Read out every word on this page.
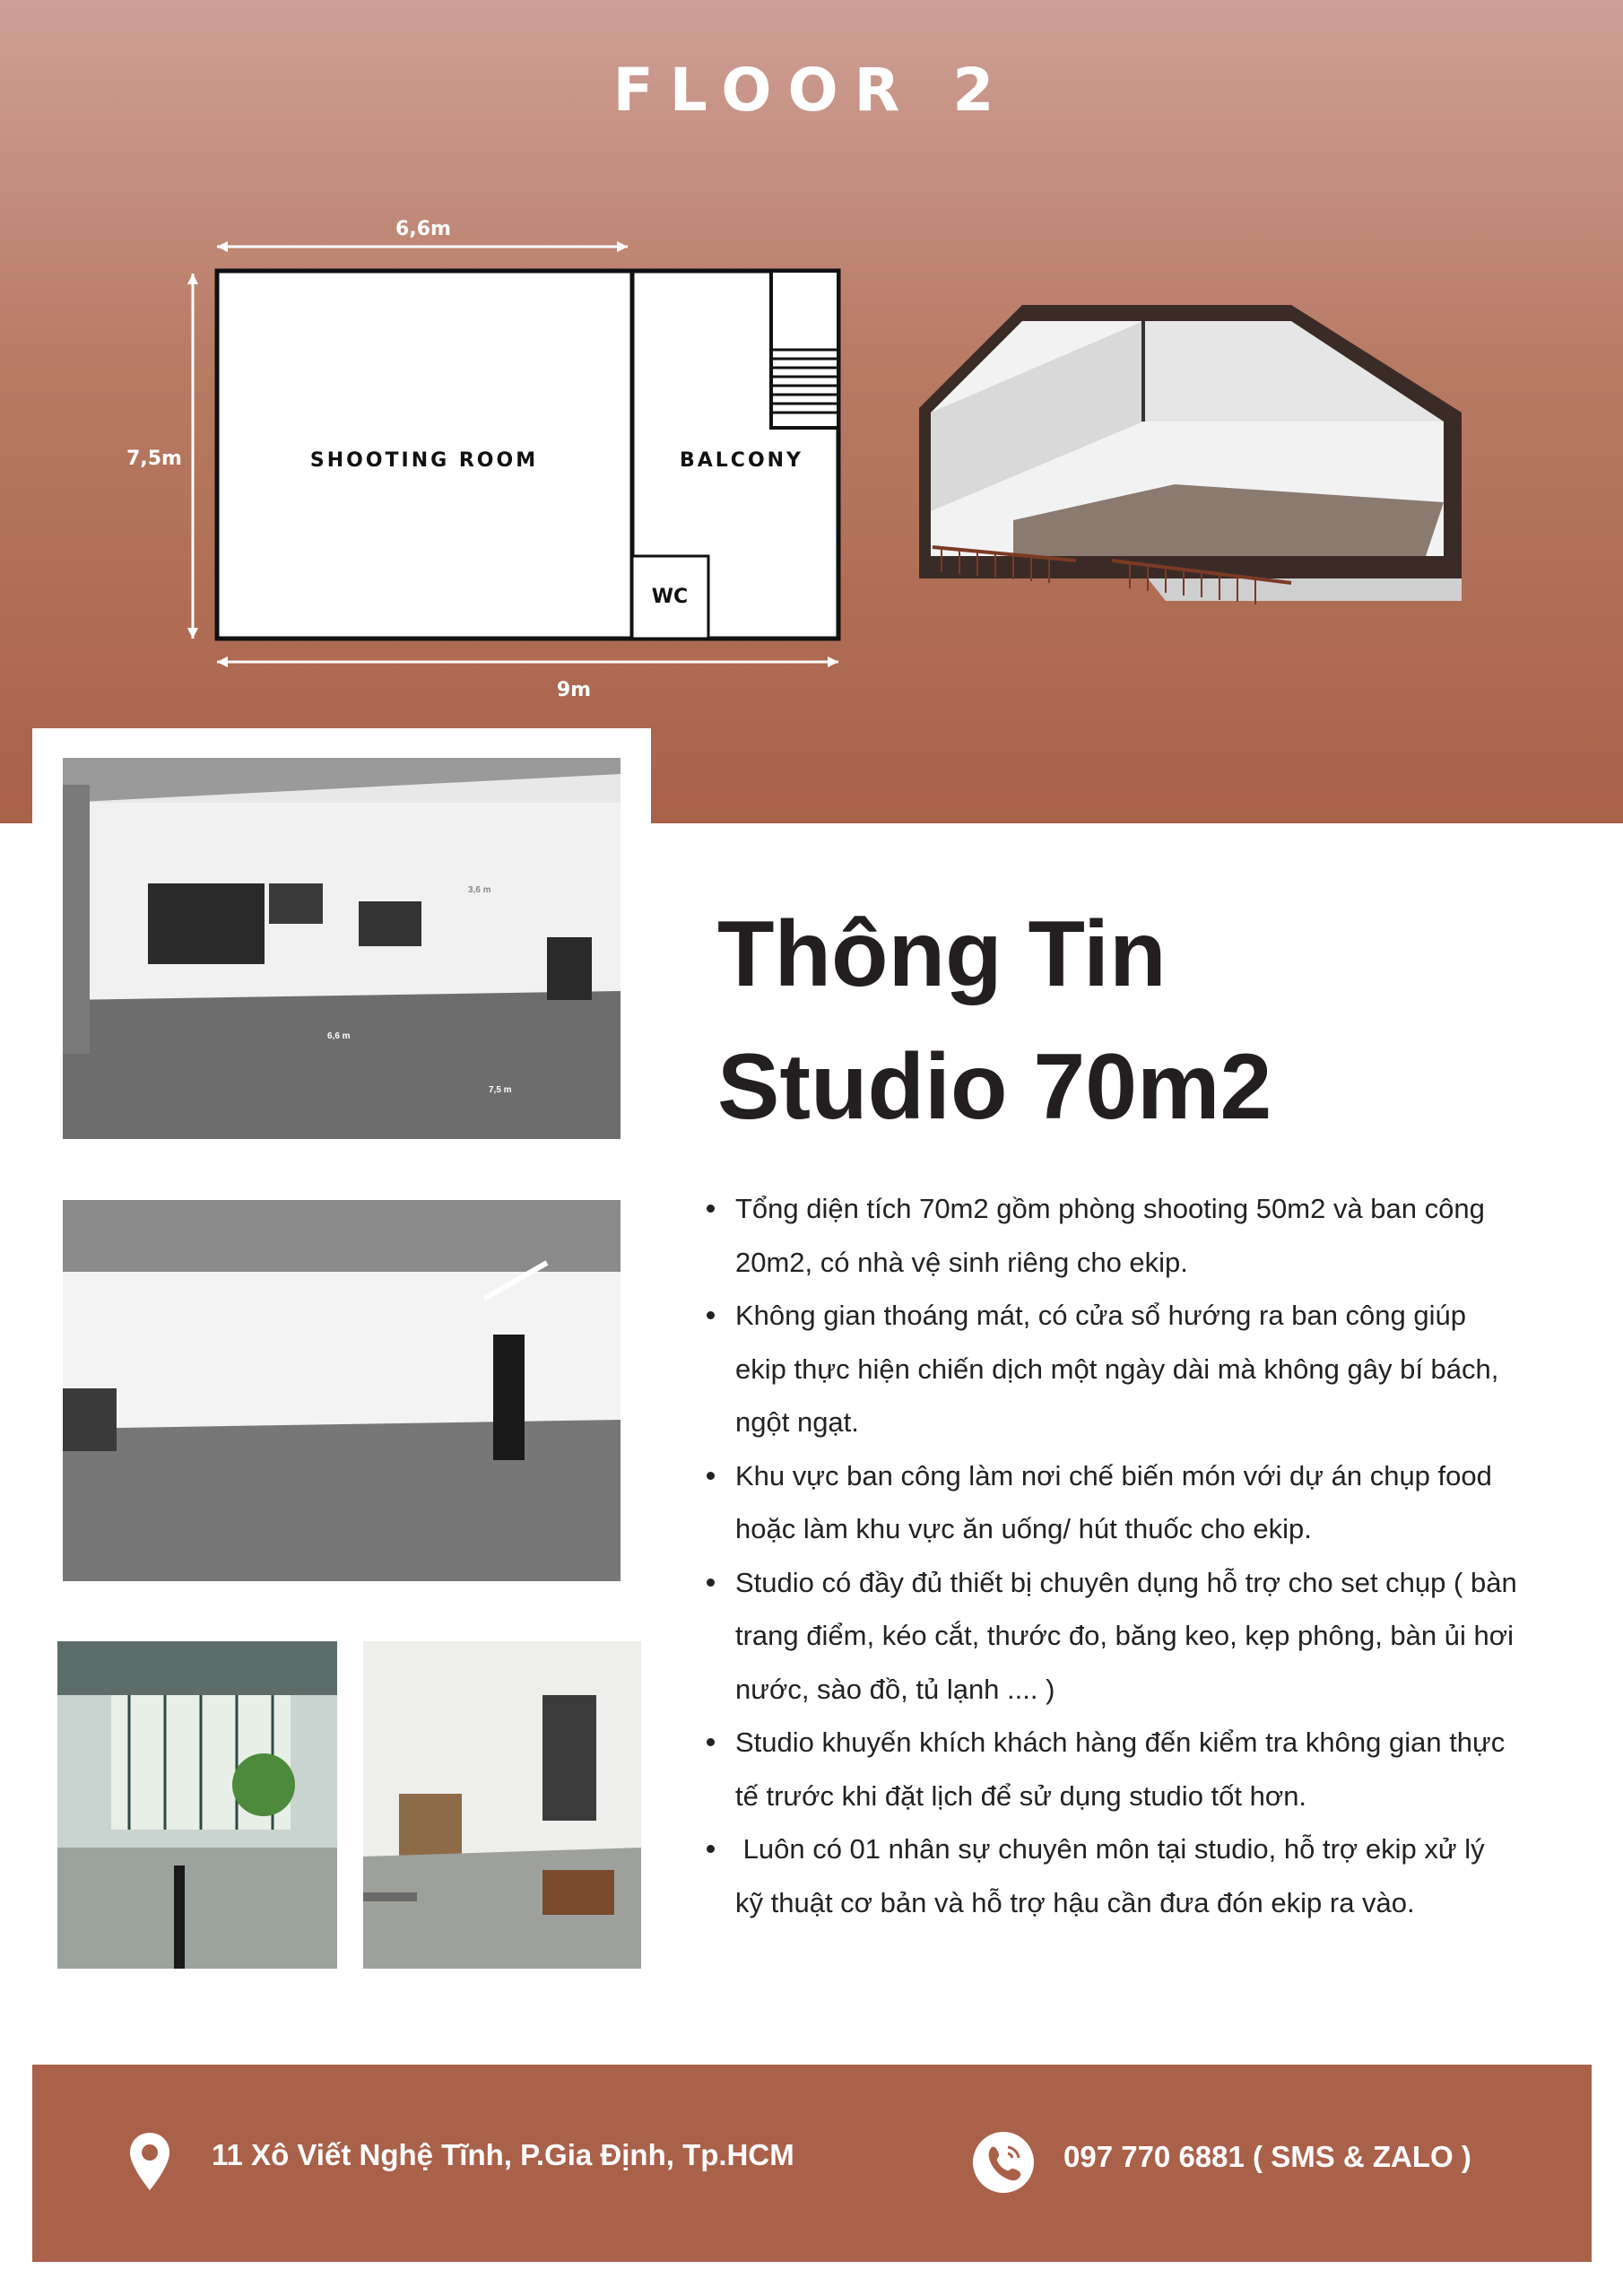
FLOOR 2
6,6m
7,5m
9m
SHOOTING ROOM	BALCONY
WC
3,6 m
6,6 m
7,5 m
Thông Tin
Studio 70m2
Tổng diện tích 70m2 gồm phòng shooting 50m2 và ban công
20m2, có nhà vệ sinh riêng cho ekip.
Không gian thoáng mát, có cửa sổ hướng ra ban công giúp
ekip thực hiện chiến dịch một ngày dài mà không gây bí bách,
ngột ngạt.
Khu vực ban công làm nơi chế biến món với dự án chụp food
hoặc làm khu vực ăn uống/ hút thuốc cho ekip.
Studio có đầy đủ thiết bị chuyên dụng hỗ trợ cho set chụp ( bàn
trang điểm, kéo cắt, thước đo, băng keo, kẹp phông, bàn ủi hơi
nước, sào đồ, tủ lạnh .... )
Studio khuyến khích khách hàng đến kiểm tra không gian thực
tế trước khi đặt lịch để sử dụng studio tốt hơn.
Luôn có 01 nhân sự chuyên môn tại studio, hỗ trợ ekip xử lý
kỹ thuật cơ bản và hỗ trợ hậu cần đưa đón ekip ra vào.
11 Xô Viết Nghệ Tĩnh, P.Gia Định, Tp.HCM	097 770 6881 ( SMS & ZALO )
